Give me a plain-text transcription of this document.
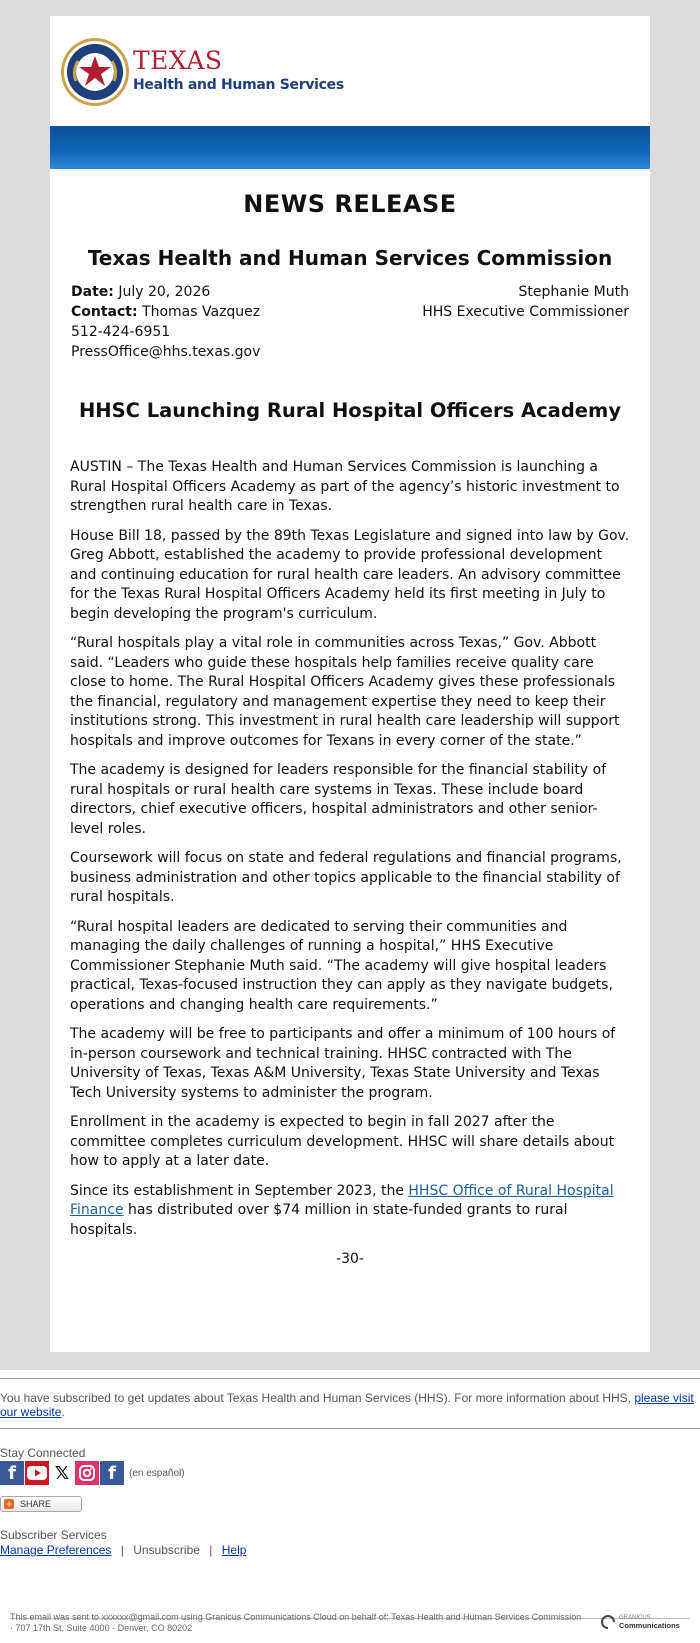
TEXAS
Health and Human Services
NEWS RELEASE
Texas Health and Human Services Commission
Date: July 20, 2026
Contact: Thomas Vazquez
512-424-6951
PressOffice@hhs.texas.gov
Stephanie Muth
HHS Executive Commissioner
HHSC Launching Rural Hospital Officers Academy

AUSTIN – The Texas Health and Human Services Commission is launching a Rural Hospital Officers Academy as part of the agency’s historic investment to strengthen rural health care in Texas.

House Bill 18, passed by the 89th Texas Legislature and signed into law by Gov. Greg Abbott, established the academy to provide professional development and continuing education for rural health care leaders. An advisory committee for the Texas Rural Hospital Officers Academy held its first meeting in July to begin developing the program's curriculum.

“Rural hospitals play a vital role in communities across Texas,” Gov. Abbott said. “Leaders who guide these hospitals help families receive quality care close to home. The Rural Hospital Officers Academy gives these professionals the financial, regulatory and management expertise they need to keep their institutions strong. This investment in rural health care leadership will support hospitals and improve outcomes for Texans in every corner of the state.”

The academy is designed for leaders responsible for the financial stability of rural hospitals or rural health care systems in Texas. These include board directors, chief executive officers, hospital administrators and other senior-level roles.

Coursework will focus on state and federal regulations and financial programs, business administration and other topics applicable to the financial stability of rural hospitals.

“Rural hospital leaders are dedicated to serving their communities and managing the daily challenges of running a hospital,” HHS Executive Commissioner Stephanie Muth said. “The academy will give hospital leaders practical, Texas-focused instruction they can apply as they navigate budgets, operations and changing health care requirements.”

The academy will be free to participants and offer a minimum of 100 hours of in-person coursework and technical training. HHSC contracted with The University of Texas, Texas A&M University, Texas State University and Texas Tech University systems to administer the program.

Enrollment in the academy is expected to begin in fall 2027 after the committee completes curriculum development. HHSC will share details about how to apply at a later date.

Since its establishment in September 2023, the HHSC Office of Rural Hospital Finance has distributed over $74 million in state-funded grants to rural hospitals.

-30-
You have subscribed to get updates about Texas Health and Human Services (HHS). For more information about HHS, please visit our website.
Stay Connected
f	𝕏	f	(en español)
+ SHARE
Subscriber Services
Manage Preferences | Unsubscribe | Help
This email was sent to xxxxxx@gmail.com using Granicus Communications Cloud on behalf of: Texas Health and Human Services Commission · 707 17th St, Suite 4000 · Denver, CO 80202
GRANICUS
Communications
